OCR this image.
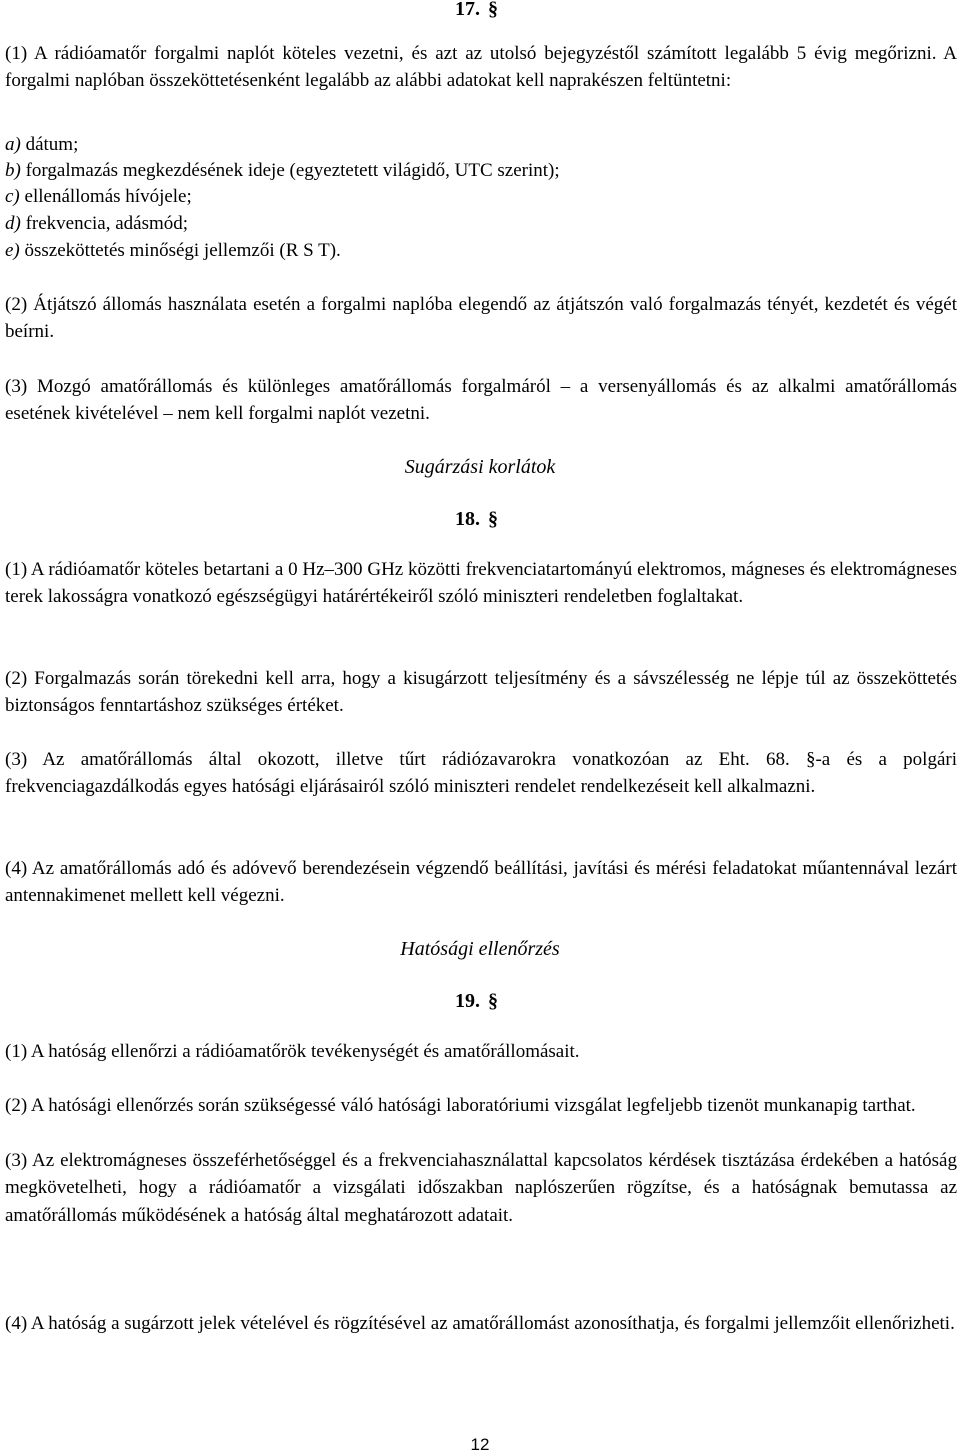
17. §

(1) A rádióamatőr forgalmi naplót köteles vezetni, és azt az utolsó bejegyzéstől számított legalább 5 évig megőrizni. A forgalmi naplóban összeköttetésenként legalább az alábbi adatokat kell naprakészen feltüntetni:

a) dátum;

b) forgalmazás megkezdésének ideje (egyeztetett világidő, UTC szerint);

c) ellenállomás hívójele;

d) frekvencia, adásmód;

e) összeköttetés minőségi jellemzői (R S T).

(2) Átjátszó állomás használata esetén a forgalmi naplóba elegendő az átjátszón való forgalmazás tényét, kezdetét és végét beírni.

(3) Mozgó amatőrállomás és különleges amatőrállomás forgalmáról – a versenyállomás és az alkalmi amatőrállomás esetének kivételével – nem kell forgalmi naplót vezetni.

Sugárzási korlátok

18. §

(1) A rádióamatőr köteles betartani a 0 Hz–300 GHz közötti frekvenciatartományú elektromos, mágneses és elektromágneses terek lakosságra vonatkozó egészségügyi határértékeiről szóló miniszteri rendeletben foglaltakat.

(2) Forgalmazás során törekedni kell arra, hogy a kisugárzott teljesítmény és a sávszélesség ne lépje túl az összeköttetés biztonságos fenntartáshoz szükséges értéket.

(3) Az amatőrállomás által okozott, illetve tűrt rádiózavarokra vonatkozóan az Eht. 68. §-a és a polgári frekvenciagazdálkodás egyes hatósági eljárásairól szóló miniszteri rendelet rendelkezéseit kell alkalmazni.

(4) Az amatőrállomás adó és adóvevő berendezésein végzendő beállítási, javítási és mérési feladatokat műantennával lezárt antennakimenet mellett kell végezni.

Hatósági ellenőrzés

19. §

(1) A hatóság ellenőrzi a rádióamatőrök tevékenységét és amatőrállomásait.

(2) A hatósági ellenőrzés során szükségessé váló hatósági laboratóriumi vizsgálat legfeljebb tizenöt munkanapig tarthat.

(3) Az elektromágneses összeférhetőséggel és a frekvenciahasználattal kapcsolatos kérdések tisztázása érdekében a hatóság megkövetelheti, hogy a rádióamatőr a vizsgálati időszakban naplószerűen rögzítse, és a hatóságnak bemutassa az amatőrállomás működésének a hatóság által meghatározott adatait.

(4) A hatóság a sugárzott jelek vételével és rögzítésével az amatőrállomást azonosíthatja, és forgalmi jellemzőit ellenőrizheti.

12
